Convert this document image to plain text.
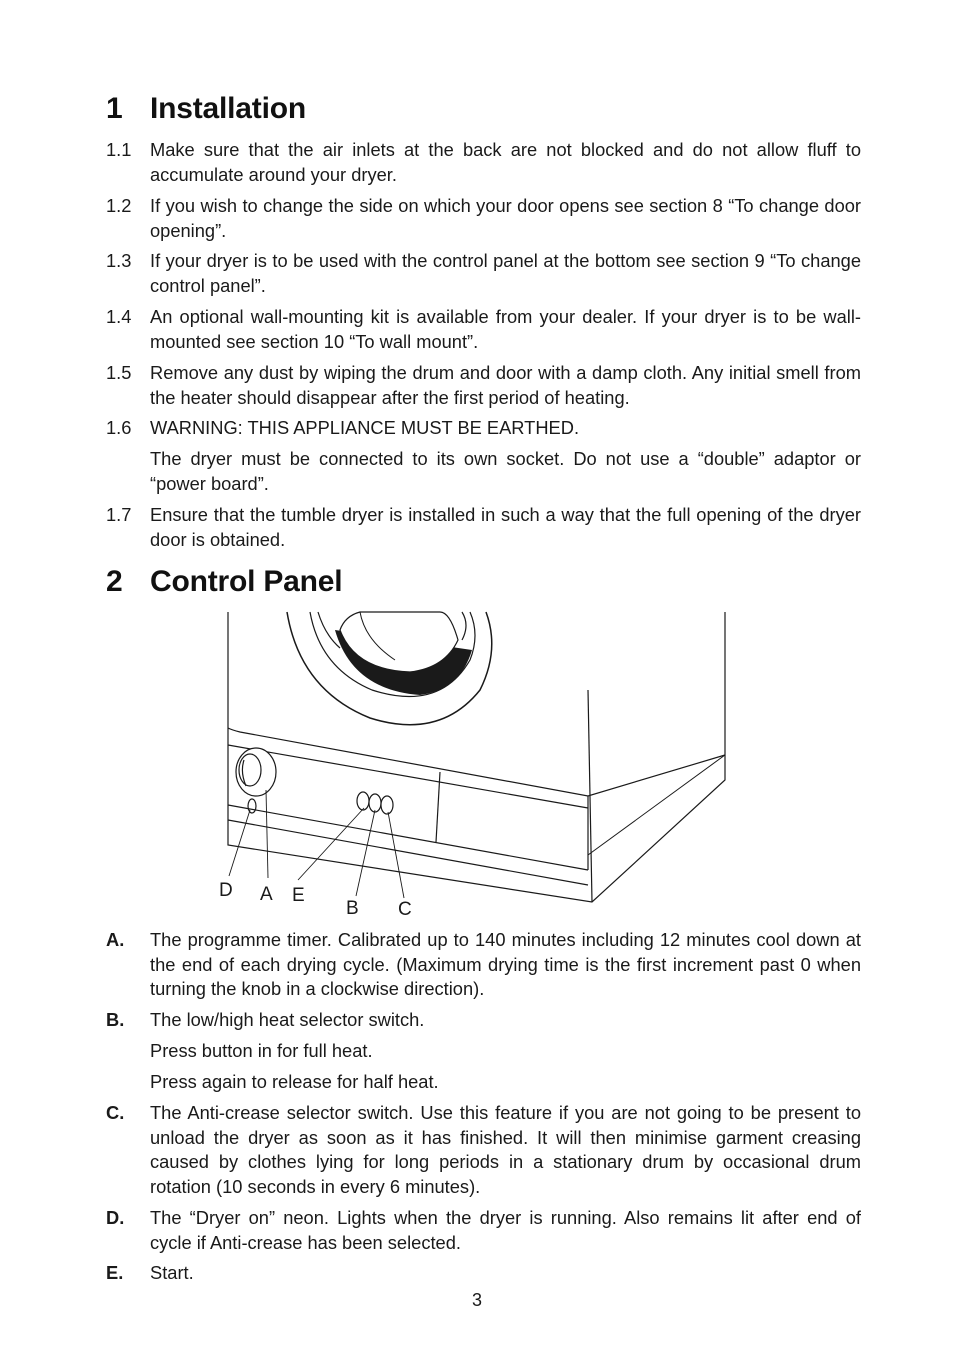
1 Installation
1.1 Make sure that the air inlets at the back are not blocked and do not allow fluff to accumulate around your dryer.
1.2 If you wish to change the side on which your door opens see section 8 “To change door opening”.
1.3 If your dryer is to be used with the control panel at the bottom see section 9 “To change control panel”.
1.4 An optional wall-mounting kit is available from your dealer. If your dryer is to be wall-mounted see section 10 “To wall mount”.
1.5 Remove any dust by wiping the drum and door with a damp cloth. Any initial smell from the heater should disappear after the first period of heating.
1.6 WARNING: THIS APPLIANCE MUST BE EARTHED.
The dryer must be connected to its own socket. Do not use a “double” adaptor or “power board”.
1.7 Ensure that the tumble dryer is installed in such a way that the full opening of the dryer door is obtained.
2 Control Panel
D A E
B C
A. The programme timer. Calibrated up to 140 minutes including 12 minutes cool down at the end of each drying cycle. (Maximum drying time is the first increment past 0 when turning the knob in a clockwise direction).
B. The low/high heat selector switch.
Press button in for full heat.
Press again to release for half heat.
C. The Anti-crease selector switch. Use this feature if you are not going to be present to unload the dryer as soon as it has finished. It will then minimise garment creasing caused by clothes lying for long periods in a stationary drum by occasional drum rotation (10 seconds in every 6 minutes).
D. The “Dryer on” neon. Lights when the dryer is running. Also remains lit after end of cycle if Anti-crease has been selected.
E. Start.
3
